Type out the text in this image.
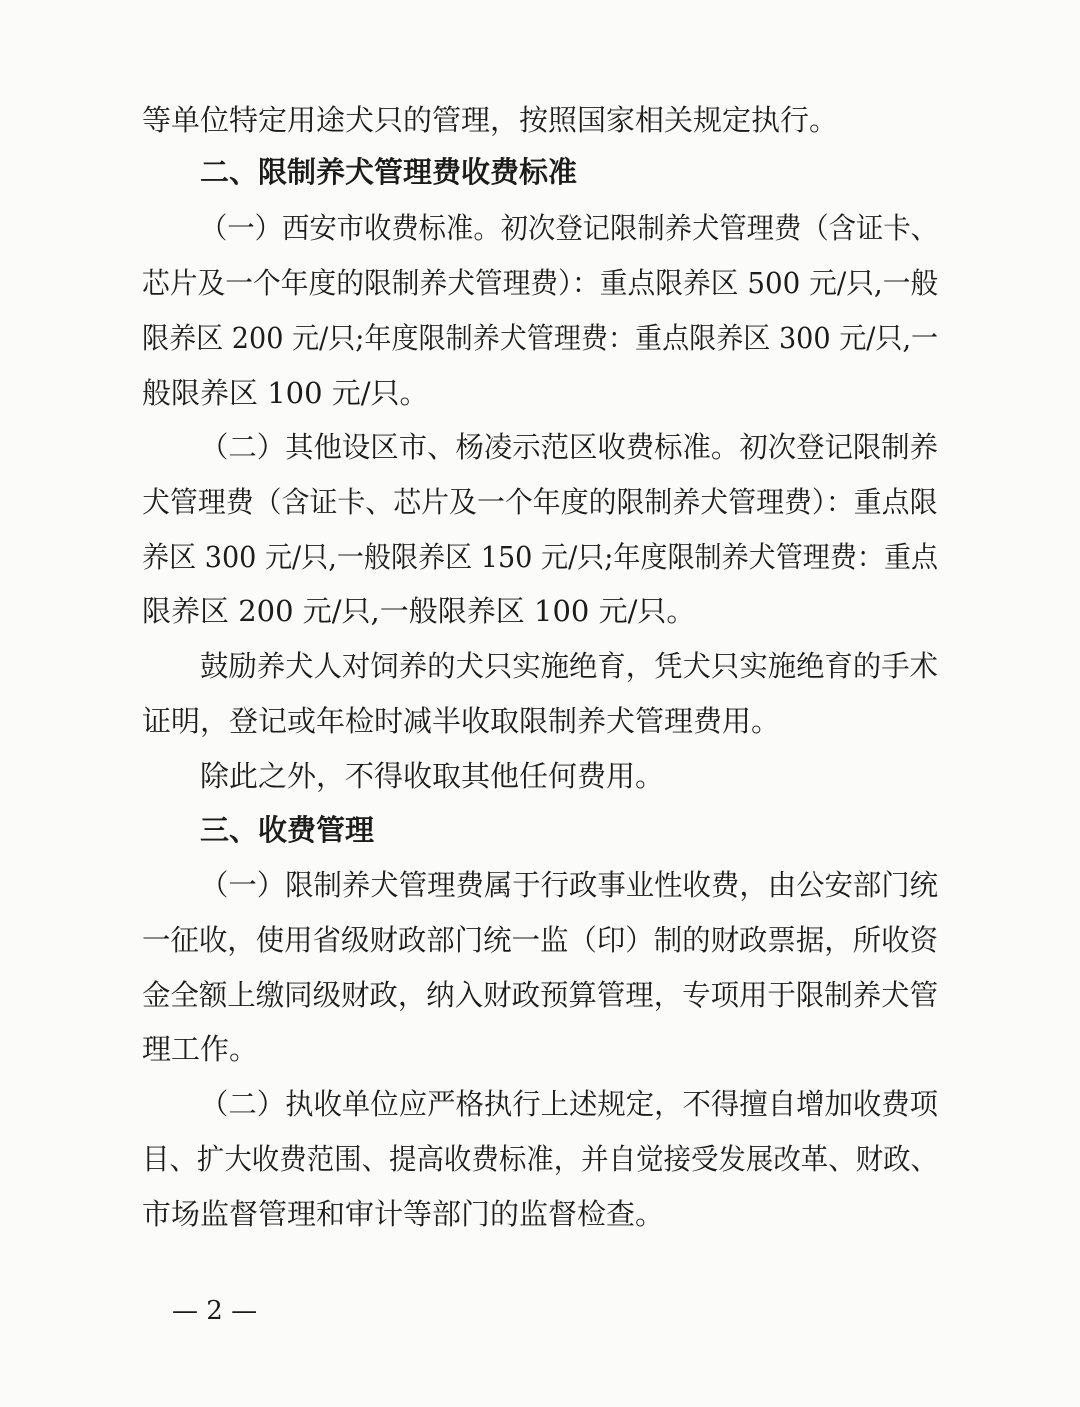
等单位特定用途犬只的管理，按照国家相关规定执行。

二、限制养犬管理费收费标准

（一）西安市收费标准。初次登记限制养犬管理费（含证卡、

芯片及一个年度的限制养犬管理费）：重点限养区 500 元/只,一般

限养区 200 元/只;年度限制养犬管理费：重点限养区 300 元/只,一

般限养区 100 元/只。

（二）其他设区市、杨凌示范区收费标准。初次登记限制养

犬管理费（含证卡、芯片及一个年度的限制养犬管理费）：重点限

养区 300 元/只,一般限养区 150 元/只;年度限制养犬管理费：重点

限养区 200 元/只,一般限养区 100 元/只。

鼓励养犬人对饲养的犬只实施绝育，凭犬只实施绝育的手术

证明，登记或年检时减半收取限制养犬管理费用。

除此之外，不得收取其他任何费用。

三、收费管理

（一）限制养犬管理费属于行政事业性收费，由公安部门统

一征收，使用省级财政部门统一监（印）制的财政票据，所收资

金全额上缴同级财政，纳入财政预算管理，专项用于限制养犬管

理工作。

（二）执收单位应严格执行上述规定，不得擅自增加收费项

目、扩大收费范围、提高收费标准，并自觉接受发展改革、财政、

市场监督管理和审计等部门的监督检查。

— 2 —
